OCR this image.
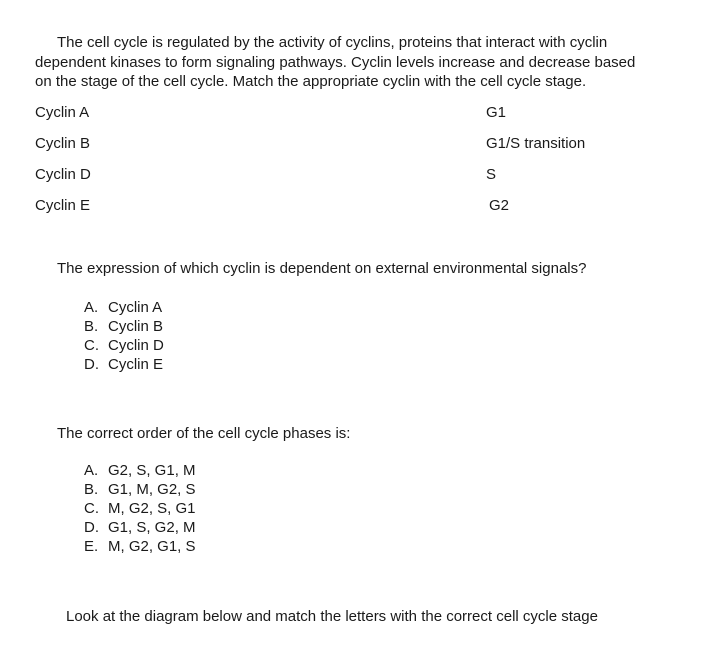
The cell cycle is regulated by the activity of cyclins, proteins that interact with cyclin
dependent kinases to form signaling pathways. Cyclin levels increase and decrease based
on the stage of the cell cycle. Match the appropriate cyclin with the cell cycle stage.
Cyclin A
Cyclin B
Cyclin D
Cyclin E
G1
G1/S transition
S
G2
The expression of which cyclin is dependent on external environmental signals?
A. Cyclin A
B. Cyclin B
C. Cyclin D
D. Cyclin E
The correct order of the cell cycle phases is:
A. G2, S, G1, M
B. G1, M, G2, S
C. M, G2, S, G1
D. G1, S, G2, M
E. M, G2, G1, S
Look at the diagram below and match the letters with the correct cell cycle stage
